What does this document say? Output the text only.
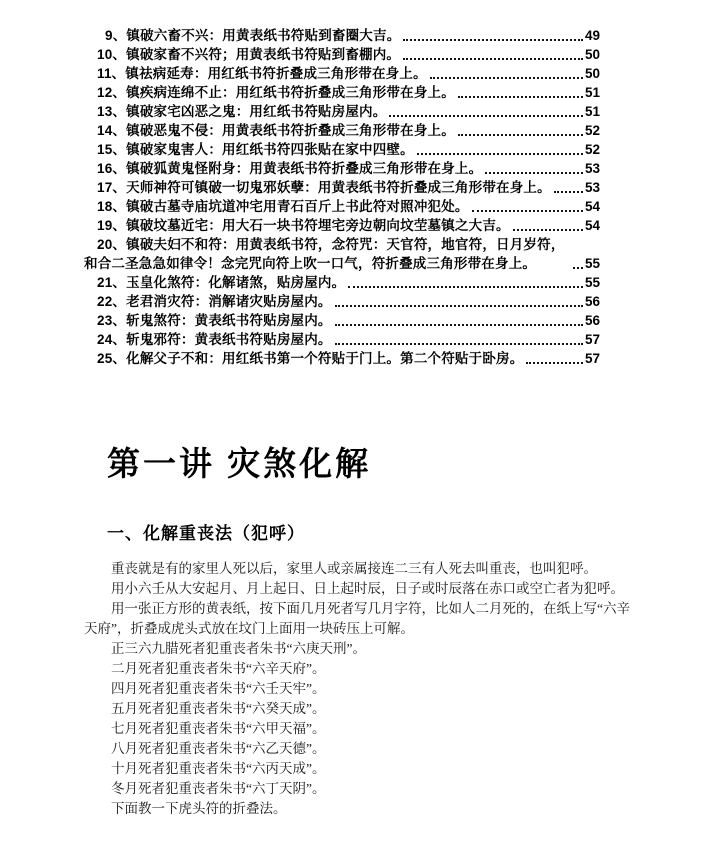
9、镇破六畜不兴：用黄表纸书符贴到畜圈大吉。	49
10、镇破家畜不兴符；用黄表纸书符贴到畜棚内。	50
11、镇祛病延寿：用红纸书符折叠成三角形带在身上。	50
12、镇疾病连绵不止：用红纸书符折叠成三角形带在身上。	51
13、镇破家宅凶恶之鬼：用红纸书符贴房屋内。	51
14、镇破恶鬼不侵：用黄表纸书符折叠成三角形带在身上。	52
15、镇破家鬼害人：用红纸书符四张贴在家中四壁。	52
16、镇破狐黄鬼怪附身：用黄表纸书符折叠成三角形带在身上。	53
17、天师神符可镇破一切鬼邪妖孽：用黄表纸书符折叠成三角形带在身上。	53
18、镇破古墓寺庙坑道冲宅用青石百斤上书此符对照冲犯处。	54
19、镇破坟墓近宅：用大石一块书符埋宅旁边朝向坟茔墓镇之大吉。	54
20、镇破夫妇不和符：用黄表纸书符，念符咒：天官符，地官符，日月岁符，和合二圣急急如律令！念完咒向符上吹一口气，符折叠成三角形带在身上。	55
21、玉皇化煞符：化解诸煞，贴房屋内。	55
22、老君消灾符：消解诸灾贴房屋内。	56
23、斩鬼煞符：黄表纸书符贴房屋内。	56
24、斩鬼邪符：黄表纸书符贴房屋内。	57
25、化解父子不和：用红纸书第一个符贴于门上。第二个符贴于卧房。	57
第一讲 灾煞化解
一、化解重丧法（犯呼）

重丧就是有的家里人死以后，家里人或亲属接连二三有人死去叫重丧，也叫犯呼。

用小六壬从大安起月、月上起日、日上起时辰，日子或时辰落在赤口或空亡者为犯呼。

用一张正方形的黄表纸，按下面几月死者写几月字符，比如人二月死的，在纸上写“六辛天府”，折叠成虎头式放在坟门上面用一块砖压上可解。

正三六九腊死者犯重丧者朱书“六庚天刑”。

二月死者犯重丧者朱书“六辛天府”。

四月死者犯重丧者朱书“六壬天牢”。

五月死者犯重丧者朱书“六癸天成”。

七月死者犯重丧者朱书“六甲天福”。

八月死者犯重丧者朱书“六乙天德”。

十月死者犯重丧者朱书“六丙天成”。

冬月死者犯重丧者朱书“六丁天阴”。

下面教一下虎头符的折叠法。
